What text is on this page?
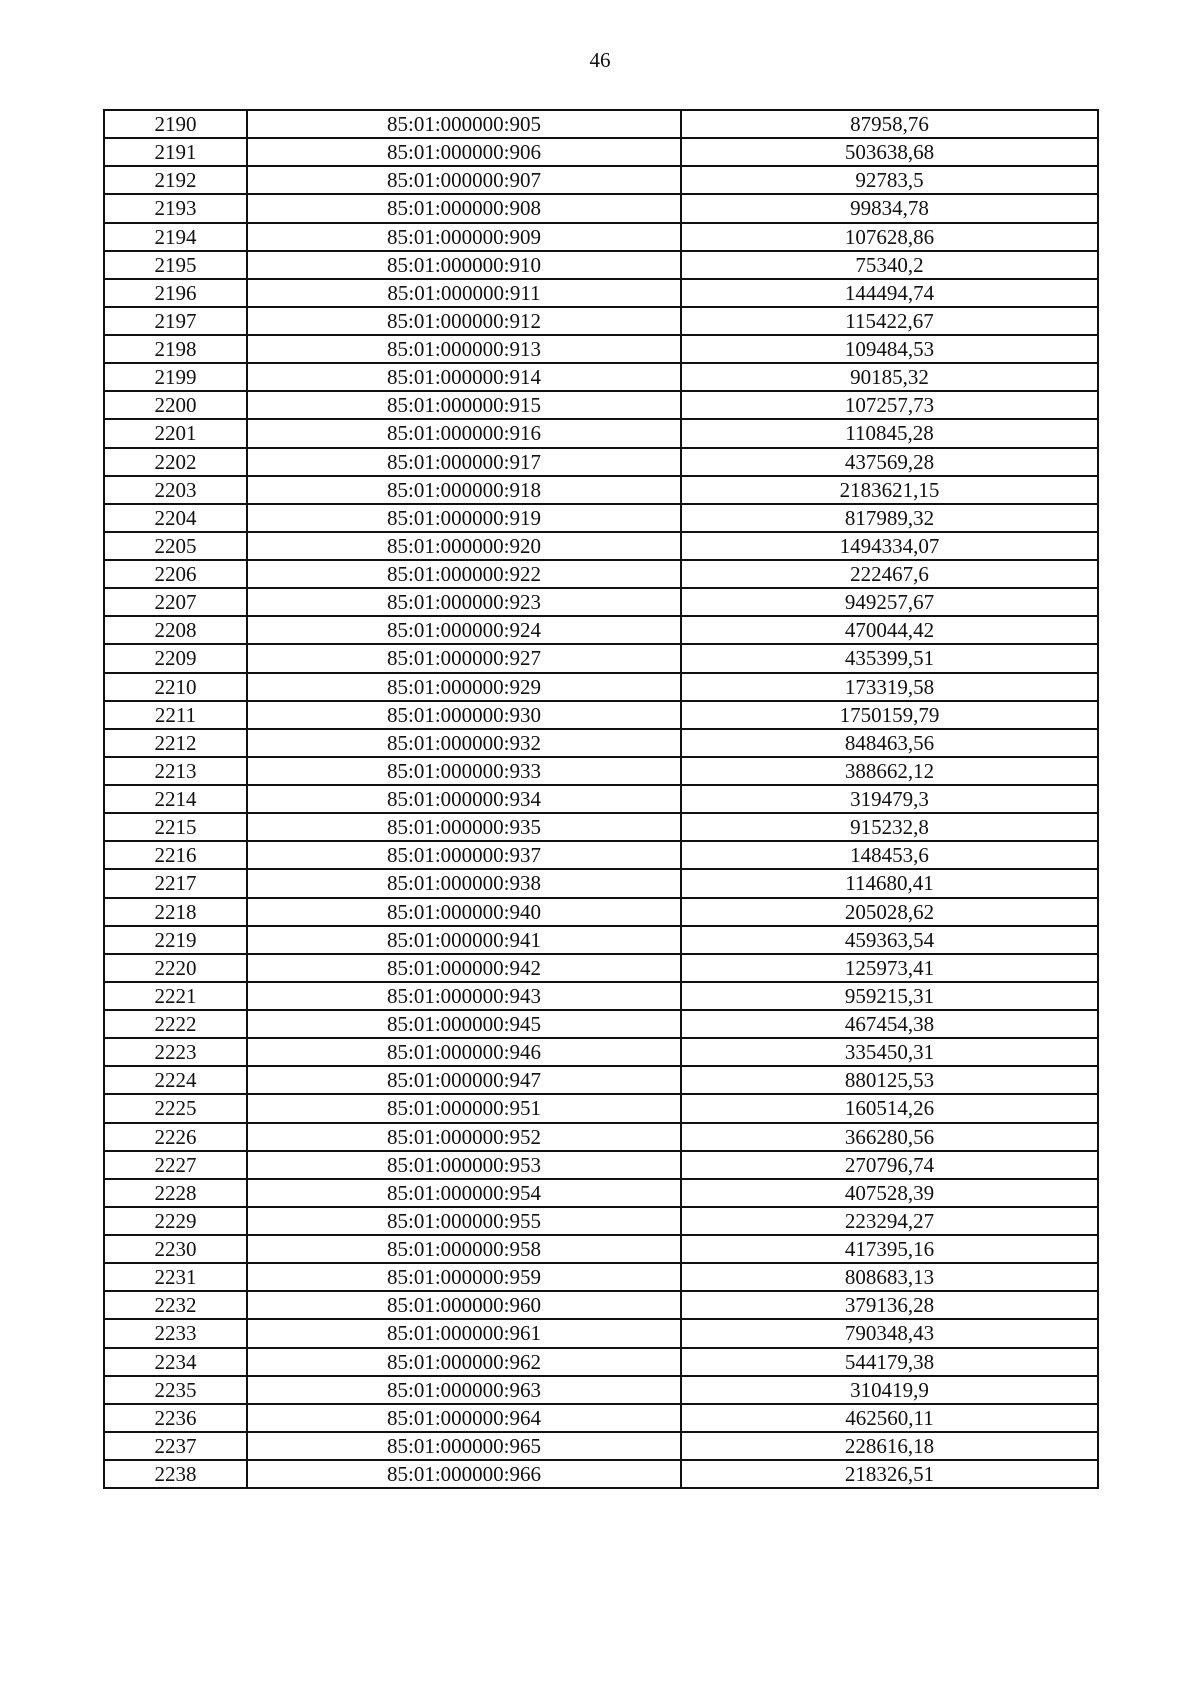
46
2190	85:01:000000:905	87958,76
2191	85:01:000000:906	503638,68
2192	85:01:000000:907	92783,5
2193	85:01:000000:908	99834,78
2194	85:01:000000:909	107628,86
2195	85:01:000000:910	75340,2
2196	85:01:000000:911	144494,74
2197	85:01:000000:912	115422,67
2198	85:01:000000:913	109484,53
2199	85:01:000000:914	90185,32
2200	85:01:000000:915	107257,73
2201	85:01:000000:916	110845,28
2202	85:01:000000:917	437569,28
2203	85:01:000000:918	2183621,15
2204	85:01:000000:919	817989,32
2205	85:01:000000:920	1494334,07
2206	85:01:000000:922	222467,6
2207	85:01:000000:923	949257,67
2208	85:01:000000:924	470044,42
2209	85:01:000000:927	435399,51
2210	85:01:000000:929	173319,58
2211	85:01:000000:930	1750159,79
2212	85:01:000000:932	848463,56
2213	85:01:000000:933	388662,12
2214	85:01:000000:934	319479,3
2215	85:01:000000:935	915232,8
2216	85:01:000000:937	148453,6
2217	85:01:000000:938	114680,41
2218	85:01:000000:940	205028,62
2219	85:01:000000:941	459363,54
2220	85:01:000000:942	125973,41
2221	85:01:000000:943	959215,31
2222	85:01:000000:945	467454,38
2223	85:01:000000:946	335450,31
2224	85:01:000000:947	880125,53
2225	85:01:000000:951	160514,26
2226	85:01:000000:952	366280,56
2227	85:01:000000:953	270796,74
2228	85:01:000000:954	407528,39
2229	85:01:000000:955	223294,27
2230	85:01:000000:958	417395,16
2231	85:01:000000:959	808683,13
2232	85:01:000000:960	379136,28
2233	85:01:000000:961	790348,43
2234	85:01:000000:962	544179,38
2235	85:01:000000:963	310419,9
2236	85:01:000000:964	462560,11
2237	85:01:000000:965	228616,18
2238	85:01:000000:966	218326,51
